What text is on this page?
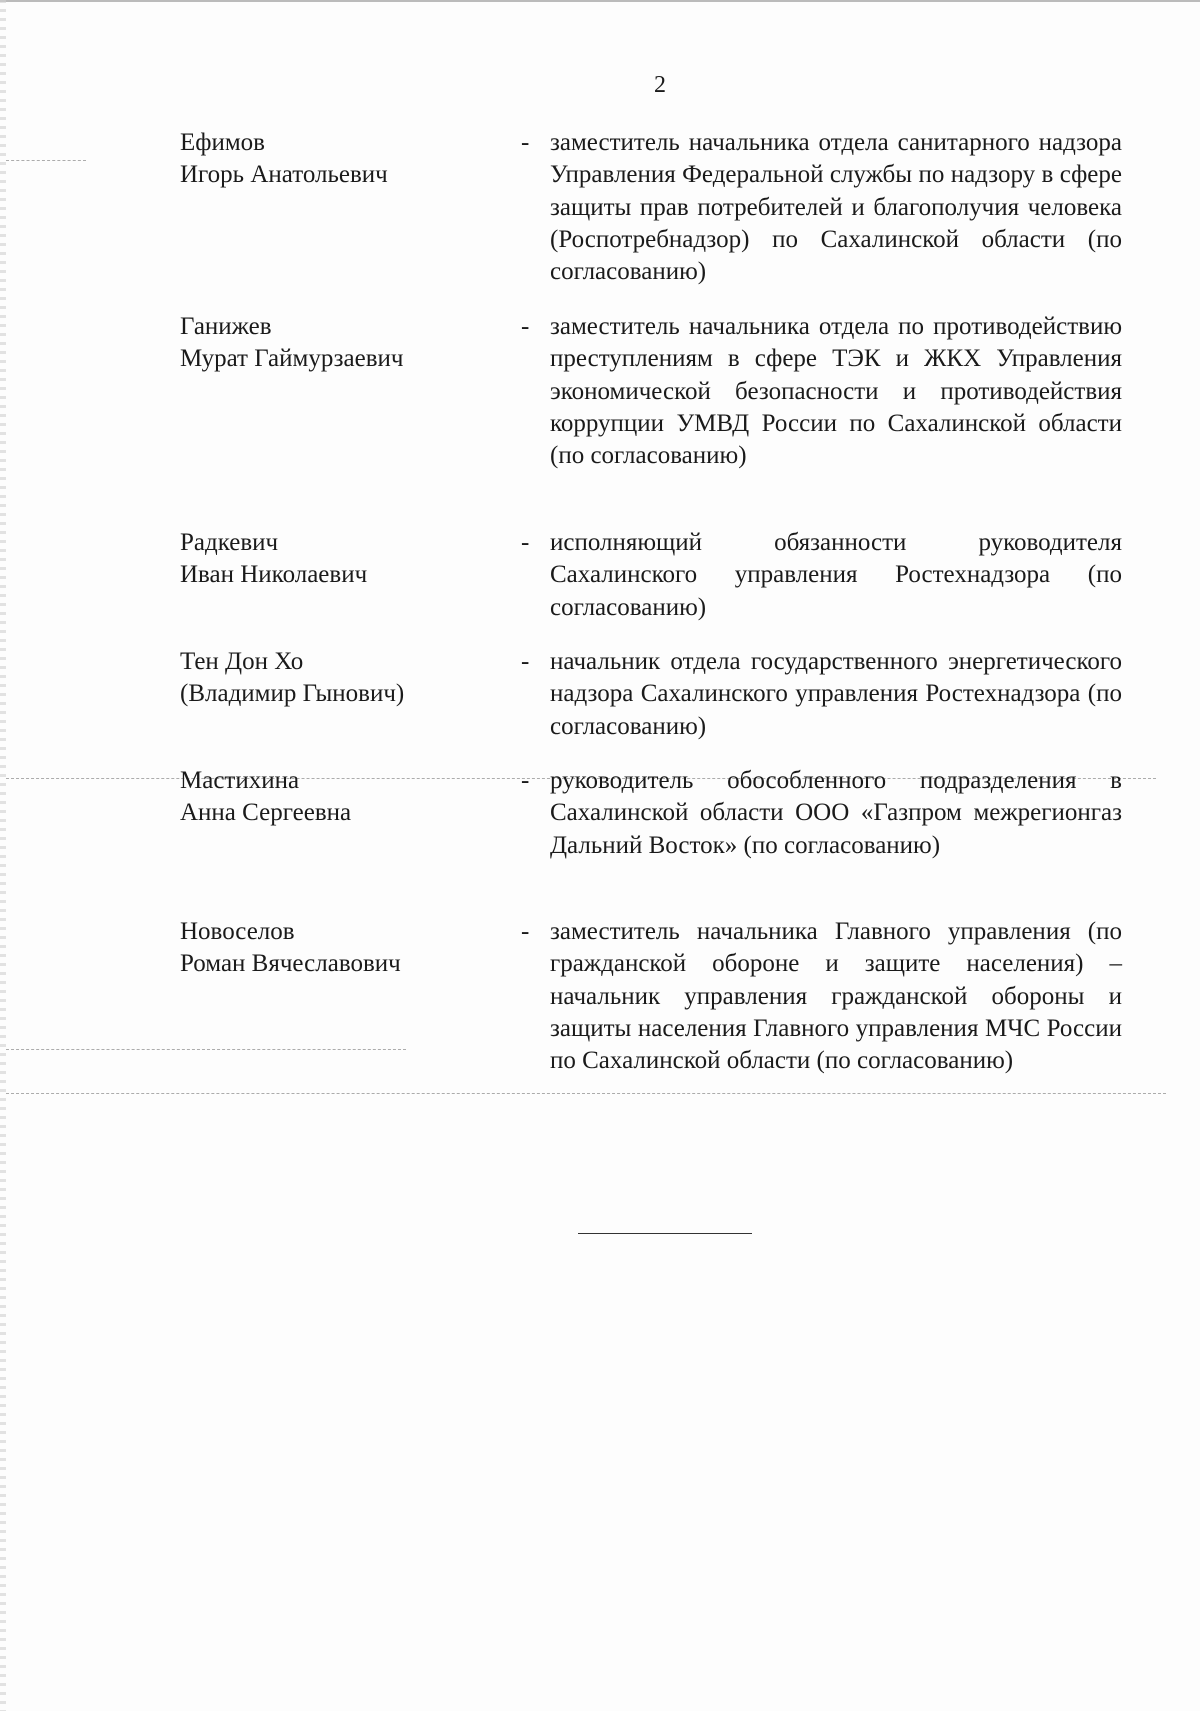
2
Ефимов
Игорь Анатольевич
- заместитель начальника отдела санитарного надзора Управления Федеральной службы по надзору в сфере защиты прав потребителей и благополучия человека (Роспотребнадзор) по Сахалинской области (по согласованию)
Ганижев
Мурат Гаймурзаевич
- заместитель начальника отдела по противодействию преступлениям в сфере ТЭК и ЖКХ Управления экономической безопасности и противодействия коррупции УМВД России по Сахалинской области (по согласованию)
Радкевич
Иван Николаевич
- исполняющий обязанности руководителя Сахалинского управления Ростехнадзора (по согласованию)
Тен Дон Хо
(Владимир Гынович)
- начальник отдела государственного энергетического надзора Сахалинского управления Ростехнадзора (по согласованию)
Мастихина
Анна Сергеевна
- руководитель обособленного подразделения в Сахалинской области ООО «Газпром межрегионгаз Дальний Восток» (по согласованию)
Новоселов
Роман Вячеславович
- заместитель начальника Главного управления (по гражданской обороне и защите населения) – начальник управления гражданской обороны и защиты населения Главного управления МЧС России по Сахалинской области (по согласованию)
